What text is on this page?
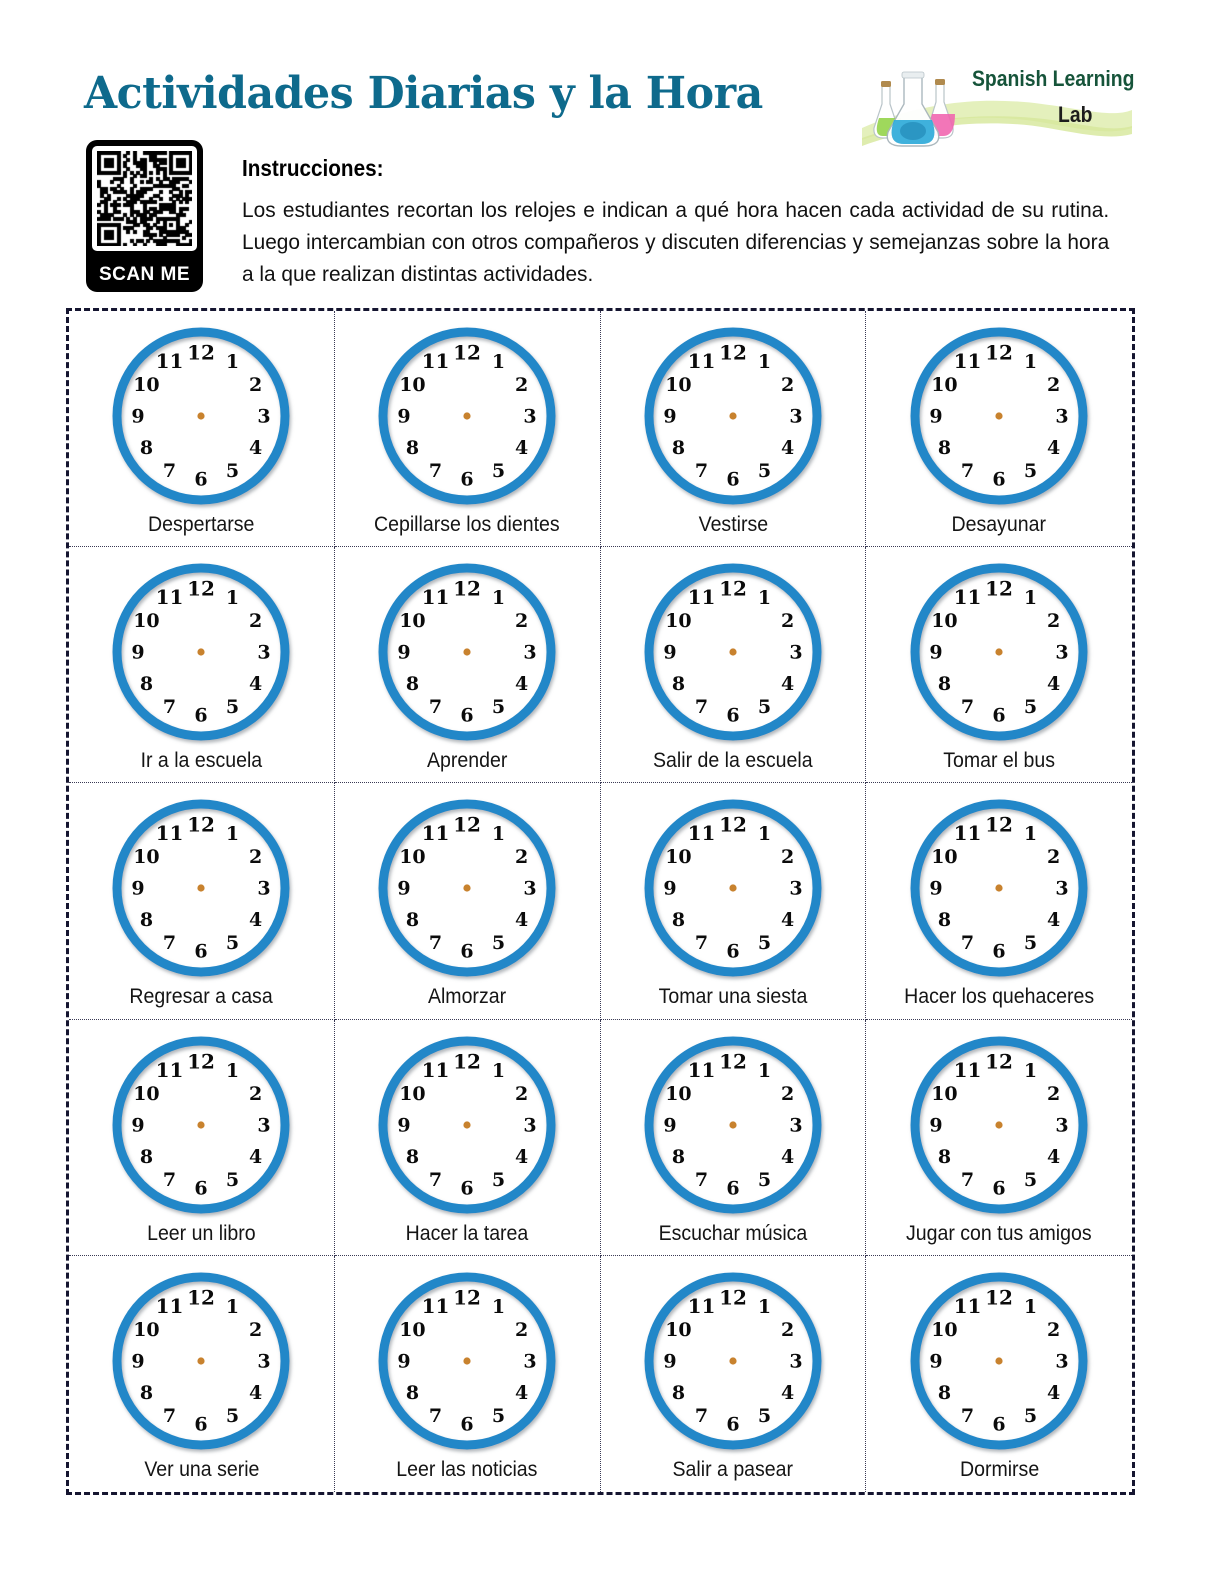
Actividades Diarias y la Hora	Spanish Learning
Lab
SCAN ME
Instrucciones:
Los estudiantes recortan los relojes e indican a qué hora hacen cada actividad de su rutina. Luego intercambian con otros compañeros y discuten diferencias y semejanzas sobre la hora a la que realizan distintas actividades.
1
2
3
4
5
6
7
8
9
10
11 12
Despertarse
1
2
3
4
5
6
7
8
9
10
11 12
Cepillarse los dientes
1
2
3
4
5
6
7
8
9
10
11 12
Vestirse
1
2
3
4
5
6
7
8
9
10
11 12
Desayunar
1
2
3
4
5
6
7
8
9
10
11 12
Ir a la escuela
1
2
3
4
5
6
7
8
9
10
11 12
Aprender
1
2
3
4
5
6
7
8
9
10
11 12
Salir de la escuela
1
2
3
4
5
6
7
8
9
10
11 12
Tomar el bus
1
2
3
4
5
6
7
8
9
10
11 12
Regresar a casa
1
2
3
4
5
6
7
8
9
10
11 12
Almorzar
1
2
3
4
5
6
7
8
9
10
11 12
Tomar una siesta
1
2
3
4
5
6
7
8
9
10
11 12
Hacer los quehaceres
1
2
3
4
5
6
7
8
9
10
11 12
Leer un libro
1
2
3
4
5
6
7
8
9
10
11 12
Hacer la tarea
1
2
3
4
5
6
7
8
9
10
11 12
Escuchar música
1
2
3
4
5
6
7
8
9
10
11 12
Jugar con tus amigos
1
2
3
4
5
6
7
8
9
10
11 12
Ver una serie
1
2
3
4
5
6
7
8
9
10
11 12
Leer las noticias
1
2
3
4
5
6
7
8
9
10
11 12
Salir a pasear
1
2
3
4
5
6
7
8
9
10
11 12
Dormirse
